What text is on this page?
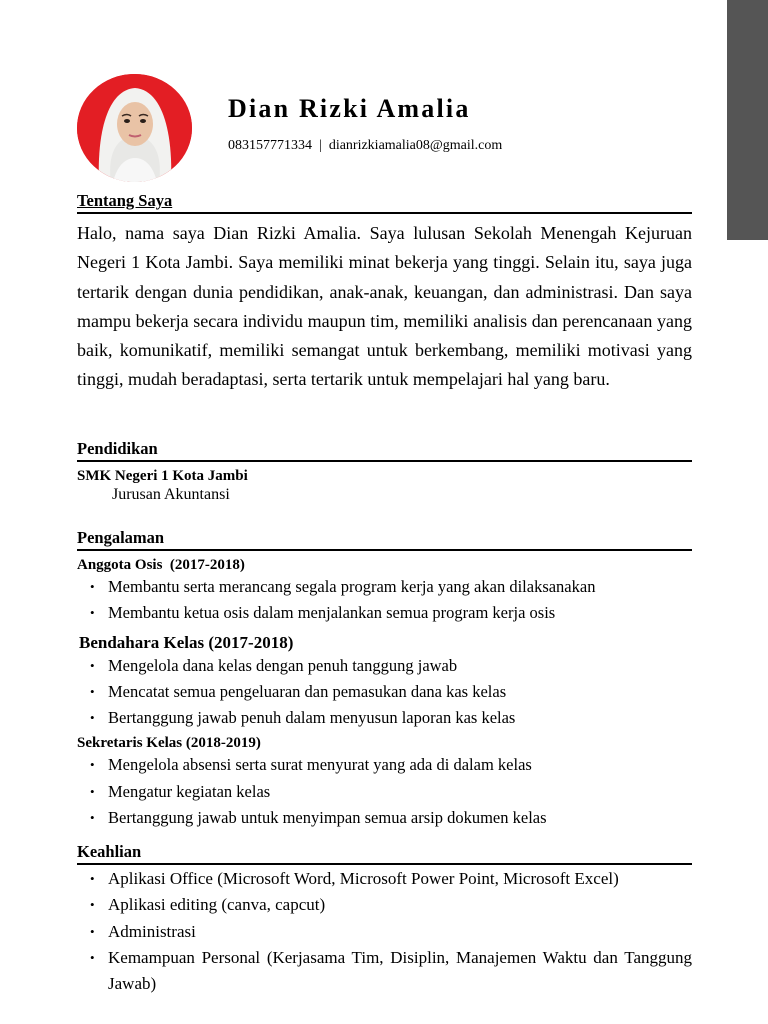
Dian Rizki Amalia
083157771334 | dianrizkiamalia08@gmail.com
Tentang Saya

Halo, nama saya Dian Rizki Amalia. Saya lulusan Sekolah Menengah Kejuruan Negeri 1 Kota Jambi. Saya memiliki minat bekerja yang tinggi. Selain itu, saya juga tertarik dengan dunia pendidikan, anak-anak, keuangan, dan administrasi. Dan saya mampu bekerja secara individu maupun tim, memiliki analisis dan perencanaan yang baik, komunikatif, memiliki semangat untuk berkembang, memiliki motivasi yang tinggi, mudah beradaptasi, serta tertarik untuk mempelajari hal yang baru.

Pendidikan
SMK Negeri 1 Kota Jambi
Jurusan Akuntansi
Pengalaman
Anggota Osis  (2017-2018)
• Membantu serta merancang segala program kerja yang akan dilaksanakan
• Membantu ketua osis dalam menjalankan semua program kerja osis
Bendahara Kelas (2017-2018)
• Mengelola dana kelas dengan penuh tanggung jawab
• Mencatat semua pengeluaran dan pemasukan dana kas kelas
• Bertanggung jawab penuh dalam menyusun laporan kas kelas
Sekretaris Kelas (2018-2019)
• Mengelola absensi serta surat menyurat yang ada di dalam kelas
• Mengatur kegiatan kelas
• Bertanggung jawab untuk menyimpan semua arsip dokumen kelas
Keahlian
• Aplikasi Office (Microsoft Word, Microsoft Power Point, Microsoft Excel)
• Aplikasi editing (canva, capcut)
• Administrasi
• Kemampuan Personal (Kerjasama Tim, Disiplin, Manajemen Waktu dan Tanggung Jawab)
